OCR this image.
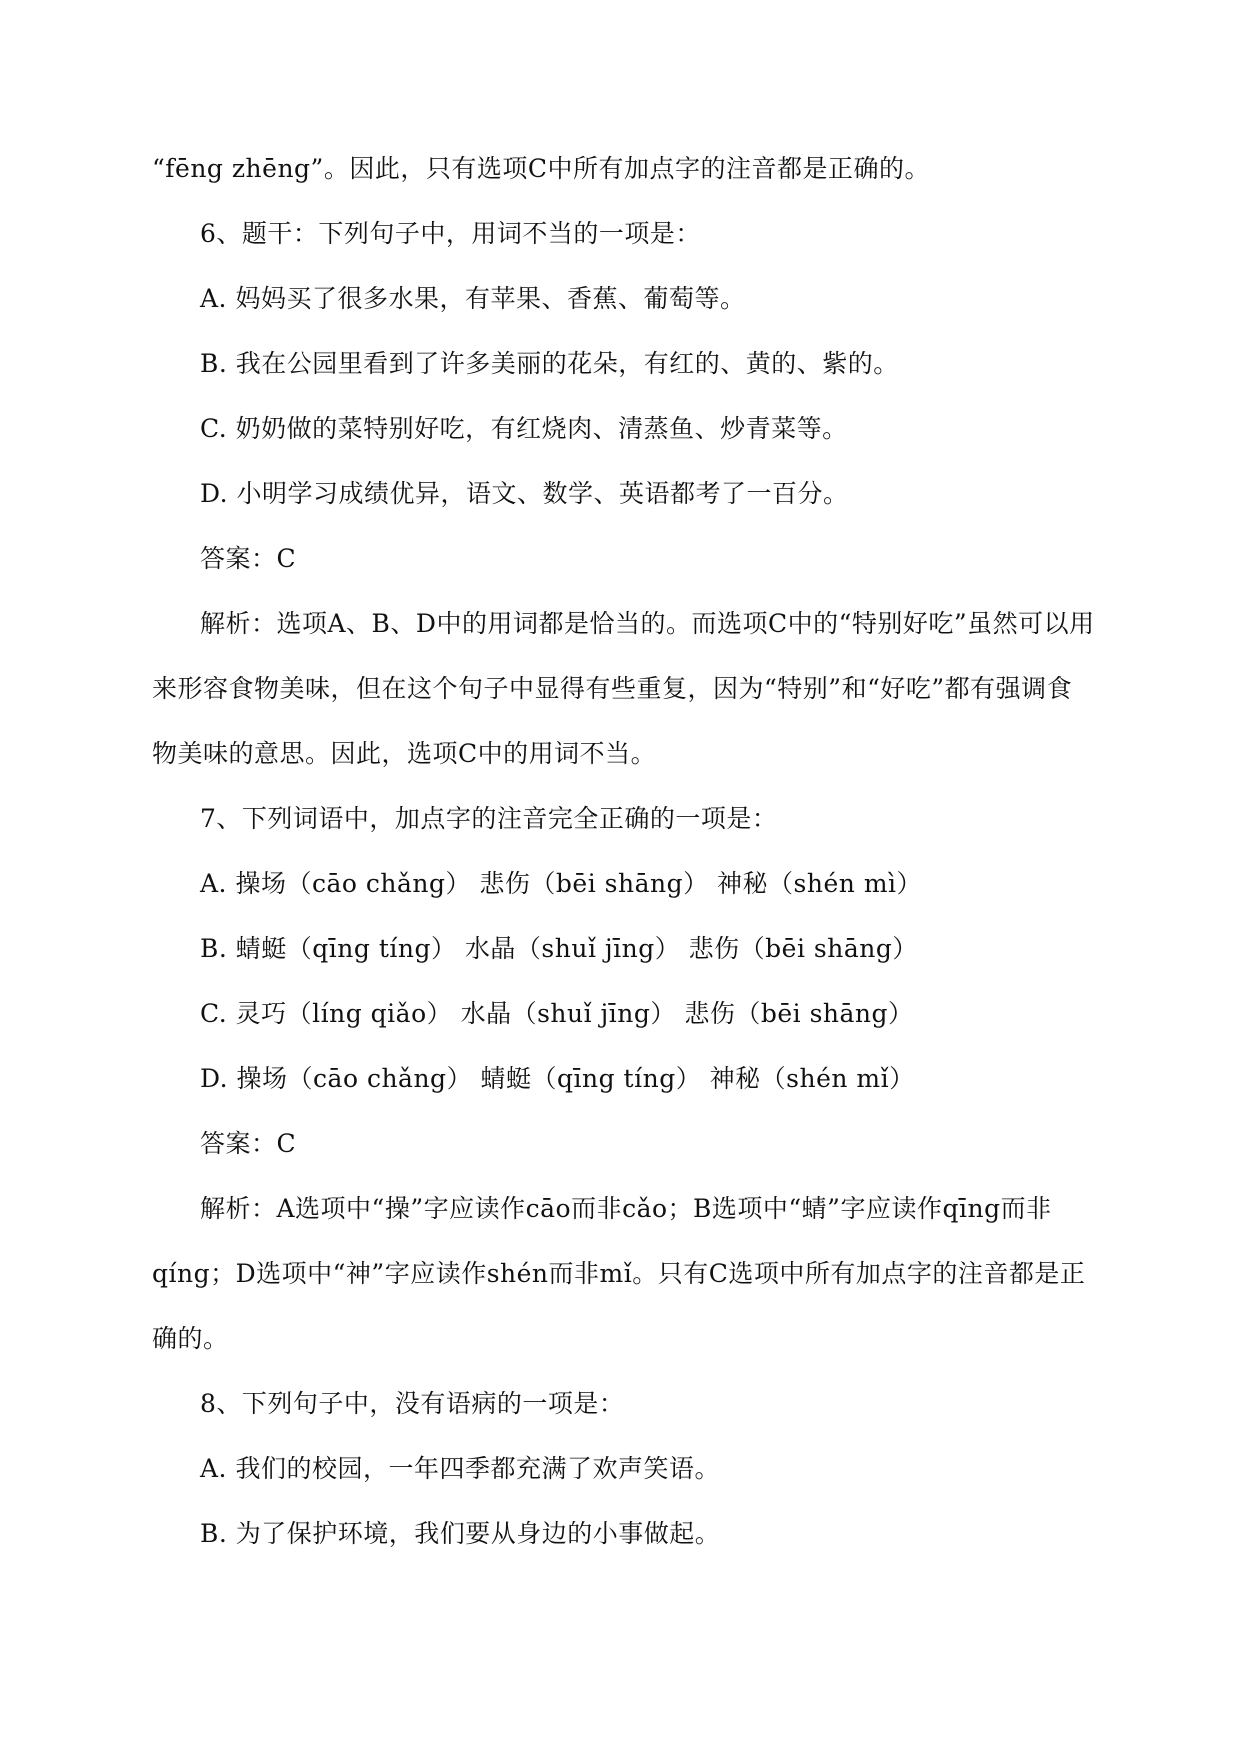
“fēng zhēng”。因此，只有选项C中所有加点字的注音都是正确的。
6、题干：下列句子中，用词不当的一项是：
A. 妈妈买了很多水果，有苹果、香蕉、葡萄等。
B. 我在公园里看到了许多美丽的花朵，有红的、黄的、紫的。
C. 奶奶做的菜特别好吃，有红烧肉、清蒸鱼、炒青菜等。
D. 小明学习成绩优异，语文、数学、英语都考了一百分。
答案：C
解析：选项A、B、D中的用词都是恰当的。而选项C中的“特别好吃”虽然可以用
来形容食物美味，但在这个句子中显得有些重复，因为“特别”和“好吃”都有强调食
物美味的意思。因此，选项C中的用词不当。
7、下列词语中，加点字的注音完全正确的一项是：
A. 操场（cāo chǎng） 悲伤（bēi shāng） 神秘（shén mì）
B. 蜻蜓（qīng tíng） 水晶（shuǐ jīng） 悲伤（bēi shāng）
C. 灵巧（líng qiǎo） 水晶（shuǐ jīng） 悲伤（bēi shāng）
D. 操场（cāo chǎng） 蜻蜓（qīng tíng） 神秘（shén mǐ）
答案：C
解析：A选项中“操”字应读作cāo而非cǎo；B选项中“蜻”字应读作qīng而非
qíng；D选项中“神”字应读作shén而非mǐ。只有C选项中所有加点字的注音都是正
确的。
8、下列句子中，没有语病的一项是：
A. 我们的校园，一年四季都充满了欢声笑语。
B. 为了保护环境，我们要从身边的小事做起。
